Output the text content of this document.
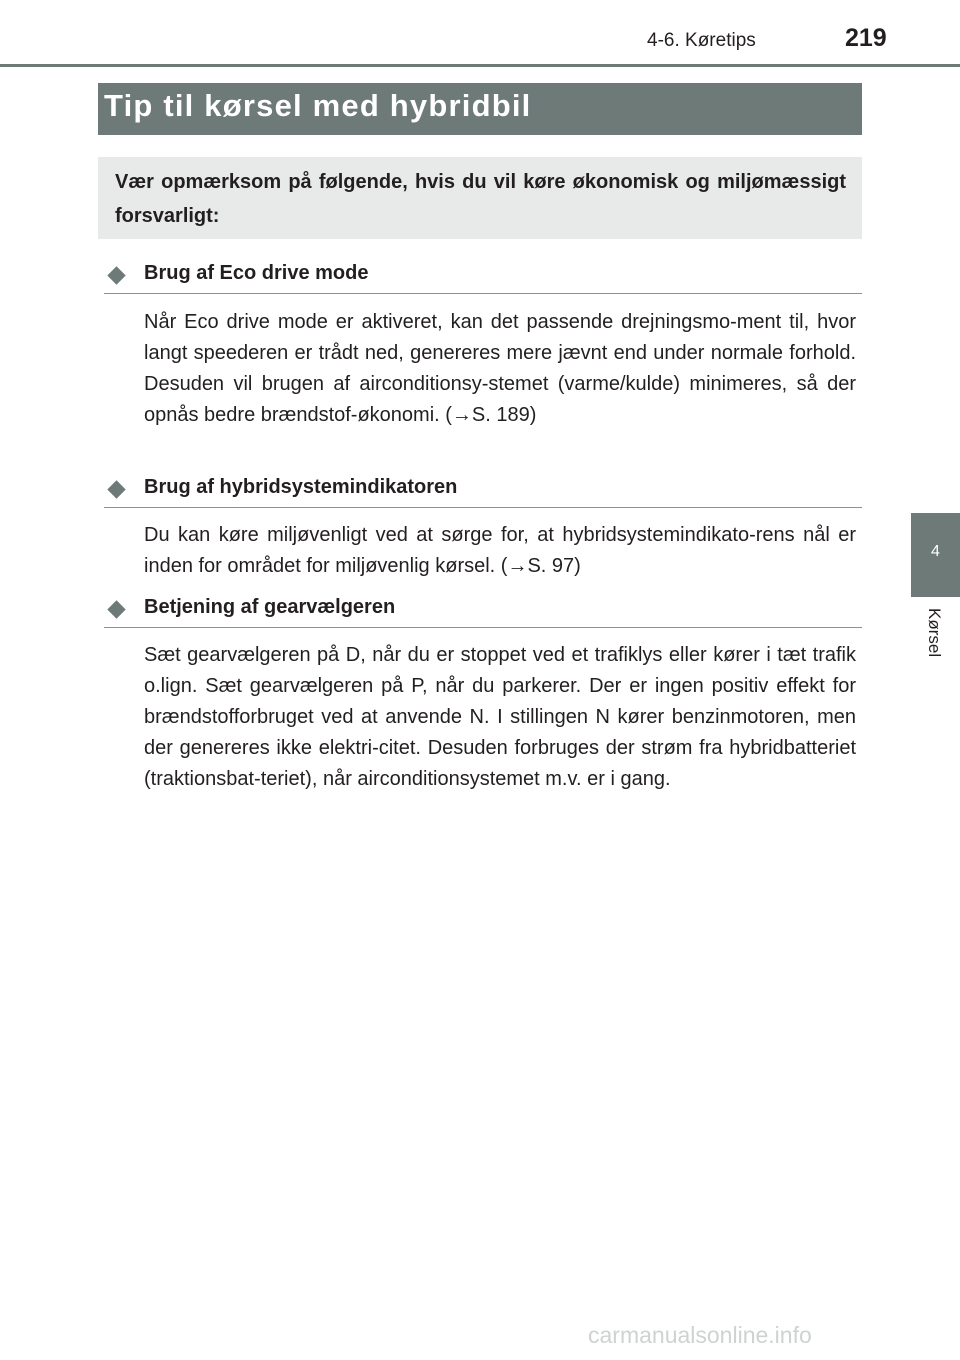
4-6. Køretips	219
Tip til kørsel med hybridbil
Vær opmærksom på følgende, hvis du vil køre økonomisk og miljømæssigt forsvarligt:
Brug af Eco drive mode
Når Eco drive mode er aktiveret, kan det passende drejningsmo-ment til, hvor langt speederen er trådt ned, genereres mere jævnt end under normale forhold. Desuden vil brugen af airconditionsy-stemet (varme/kulde) minimeres, så der opnås bedre brændstof-økonomi. (→S. 189)
Brug af hybridsystemindikatoren
Du kan køre miljøvenligt ved at sørge for, at hybridsystemindikato-rens nål er inden for området for miljøvenlig kørsel. (→S. 97)
Betjening af gearvælgeren
Sæt gearvælgeren på D, når du er stoppet ved et trafiklys eller kører i tæt trafik o.lign. Sæt gearvælgeren på P, når du parkerer. Der er ingen positiv effekt for brændstofforbruget ved at anvende N. I stillingen N kører benzinmotoren, men der genereres ikke elektri-citet. Desuden forbruges der strøm fra hybridbatteriet (traktionsbat-teriet), når airconditionsystemet m.v. er i gang.
4
Kørsel
carmanualsonline.info
